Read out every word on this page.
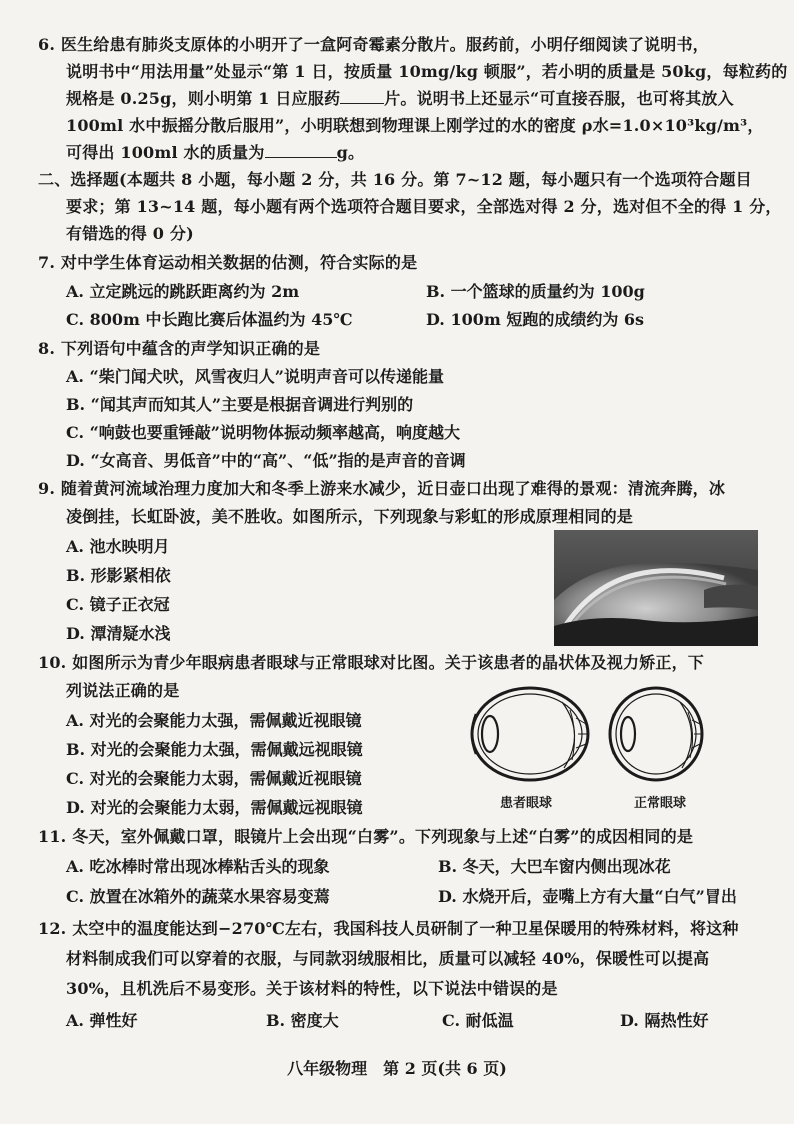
6. 医生给患有肺炎支原体的小明开了一盒阿奇霉素分散片。服药前，小明仔细阅读了说明书，
说明书中“用法用量”处显示“第 1 日，按质量 10mg/kg 顿服”，若小明的质量是 50kg，每粒药的
规格是 0.25g，则小明第 1 日应服药	片。说明书上还显示“可直接吞服，也可将其放入
100ml 水中振摇分散后服用”，小明联想到物理课上刚学过的水的密度 ρ水=1.0×10³kg/m³，
可得出 100ml 水的质量为	g。
二、选择题(本题共 8 小题，每小题 2 分，共 16 分。第 7~12 题，每小题只有一个选项符合题目
要求；第 13~14 题，每小题有两个选项符合题目要求，全部选对得 2 分，选对但不全的得 1 分，
有错选的得 0 分)
7. 对中学生体育运动相关数据的估测，符合实际的是
A. 立定跳远的跳跃距离约为 2m	B. 一个篮球的质量约为 100g
C. 800m 中长跑比赛后体温约为 45℃	D. 100m 短跑的成绩约为 6s
8. 下列语句中蕴含的声学知识正确的是
A. “柴门闻犬吠，风雪夜归人”说明声音可以传递能量
B. “闻其声而知其人”主要是根据音调进行判别的
C. “响鼓也要重锤敲”说明物体振动频率越高，响度越大
D. “女高音、男低音”中的“高”、“低”指的是声音的音调
9. 随着黄河流域治理力度加大和冬季上游来水减少，近日壶口出现了难得的景观：清流奔腾，冰
凌倒挂，长虹卧波，美不胜收。如图所示，下列现象与彩虹的形成原理相同的是
A. 池水映明月
B. 形影紧相依
C. 镜子正衣冠
D. 潭清疑水浅
10. 如图所示为青少年眼病患者眼球与正常眼球对比图。关于该患者的晶状体及视力矫正，下
列说法正确的是
A. 对光的会聚能力太强，需佩戴近视眼镜
B. 对光的会聚能力太强，需佩戴远视眼镜
C. 对光的会聚能力太弱，需佩戴近视眼镜
D. 对光的会聚能力太弱，需佩戴远视眼镜	患者眼球	正常眼球
11. 冬天，室外佩戴口罩，眼镜片上会出现“白雾”。下列现象与上述“白雾”的成因相同的是
A. 吃冰棒时常出现冰棒粘舌头的现象	B. 冬天，大巴车窗内侧出现冰花
C. 放置在冰箱外的蔬菜水果容易变蔫	D. 水烧开后，壶嘴上方有大量“白气”冒出
12. 太空中的温度能达到−270℃左右，我国科技人员研制了一种卫星保暖用的特殊材料，将这种
材料制成我们可以穿着的衣服，与同款羽绒服相比，质量可以减轻 40%，保暖性可以提高
30%，且机洗后不易变形。关于该材料的特性，以下说法中错误的是
A. 弹性好	B. 密度大	C. 耐低温	D. 隔热性好
八年级物理　第 2 页(共 6 页)
